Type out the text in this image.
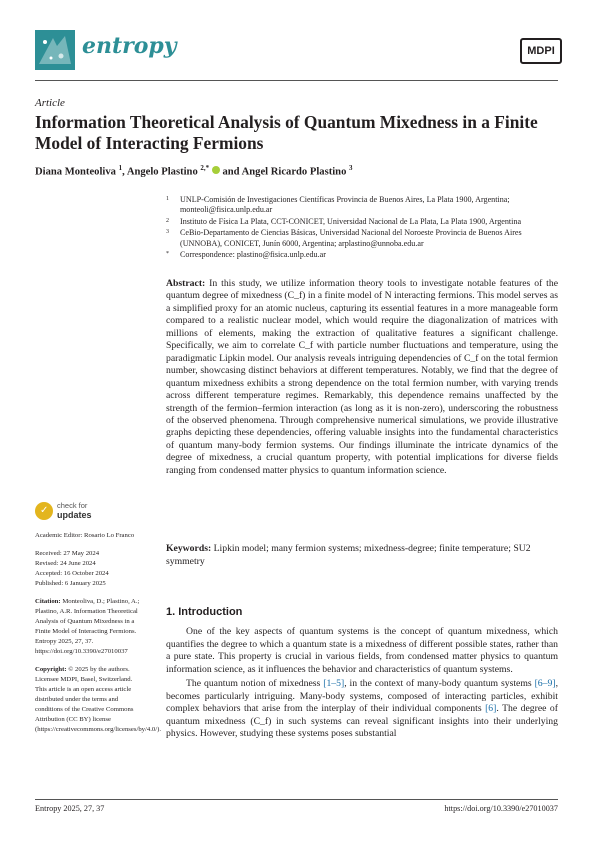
entropy	MDPI
Article
Information Theoretical Analysis of Quantum Mixedness in a Finite Model of Interacting Fermions
Diana Monteoliva $^1$, Angelo Plastino $^{2,*}$  and Angel Ricardo Plastino $^3$
1 UNLP-Comisión de Investigaciones Científicas Provincia de Buenos Aires, La Plata 1900, Argentina; monteoli@fisica.unlp.edu.ar
2 Instituto de Física La Plata, CCT-CONICET, Universidad Nacional de La Plata, La Plata 1900, Argentina
3 CeBio-Departamento de Ciencias Básicas, Universidad Nacional del Noroeste Provincia de Buenos Aires (UNNOBA), CONICET, Junín 6000, Argentina; arplastino@unnoba.edu.ar
* Correspondence: plastino@fisica.unlp.edu.ar
Abstract: In this study, we utilize information theory tools to investigate notable features of the quantum degree of mixedness (C_f) in a finite model of N interacting fermions. This model serves as a simplified proxy for an atomic nucleus, capturing its essential features in a more manageable form compared to a realistic nuclear model, which would require the diagonalization of matrices with millions of elements, making the extraction of qualitative features a significant challenge. Specifically, we aim to correlate C_f with particle number fluctuations and temperature, using the paradigmatic Lipkin model. Our analysis reveals intriguing dependencies of C_f on the total fermion number, showcasing distinct behaviors at different temperatures. Notably, we find that the degree of quantum mixedness exhibits a strong dependence on the total fermion number, with varying trends across different temperature regimes. Remarkably, this dependence remains unaffected by the strength of the fermion–fermion interaction (as long as it is non-zero), underscoring the robustness of the observed phenomena. Through comprehensive numerical simulations, we provide illustrative graphs depicting these dependencies, offering valuable insights into the fundamental characteristics of quantum many-body fermion systems. Our findings illuminate the intricate dynamics of the degree of mixedness, a crucial quantum property, with potential implications for diverse fields ranging from condensed matter physics to quantum information science.
Keywords: Lipkin model; many fermion systems; mixedness-degree; finite temperature; SU2 symmetry
1. Introduction

One of the key aspects of quantum systems is the concept of quantum mixedness, which quantifies the degree to which a quantum state is a mixedness of different possible states, rather than a pure state. This property is crucial in various fields, from condensed matter physics to quantum information science, as it influences the behavior and characteristics of quantum systems.

The quantum notion of mixedness [1–5], in the context of many-body quantum systems [6–9], becomes particularly intriguing. Many-body systems, composed of interacting particles, exhibit complex behaviors that arise from the interplay of their individual components [6]. The degree of quantum mixedness (C_f) in such systems can reveal significant insights into their underlying physics. However, studying these systems poses substantial

✓ check for
updates
Academic Editor: Rosario Lo Franco
Received: 27 May 2024
Revised: 24 June 2024
Accepted: 16 October 2024
Published: 6 January 2025
Citation: Monteoliva, D.; Plastino, A.; Plastino, A.R. Information Theoretical Analysis of Quantum Mixedness in a Finite Model of Interacting Fermions. Entropy 2025, 27, 37. https://doi.org/10.3390/e27010037
Copyright: © 2025 by the authors. Licensee MDPI, Basel, Switzerland. This article is an open access article distributed under the terms and conditions of the Creative Commons Attribution (CC BY) license (https://creativecommons.org/licenses/by/4.0/).
Entropy 2025, 27, 37	https://doi.org/10.3390/e27010037
